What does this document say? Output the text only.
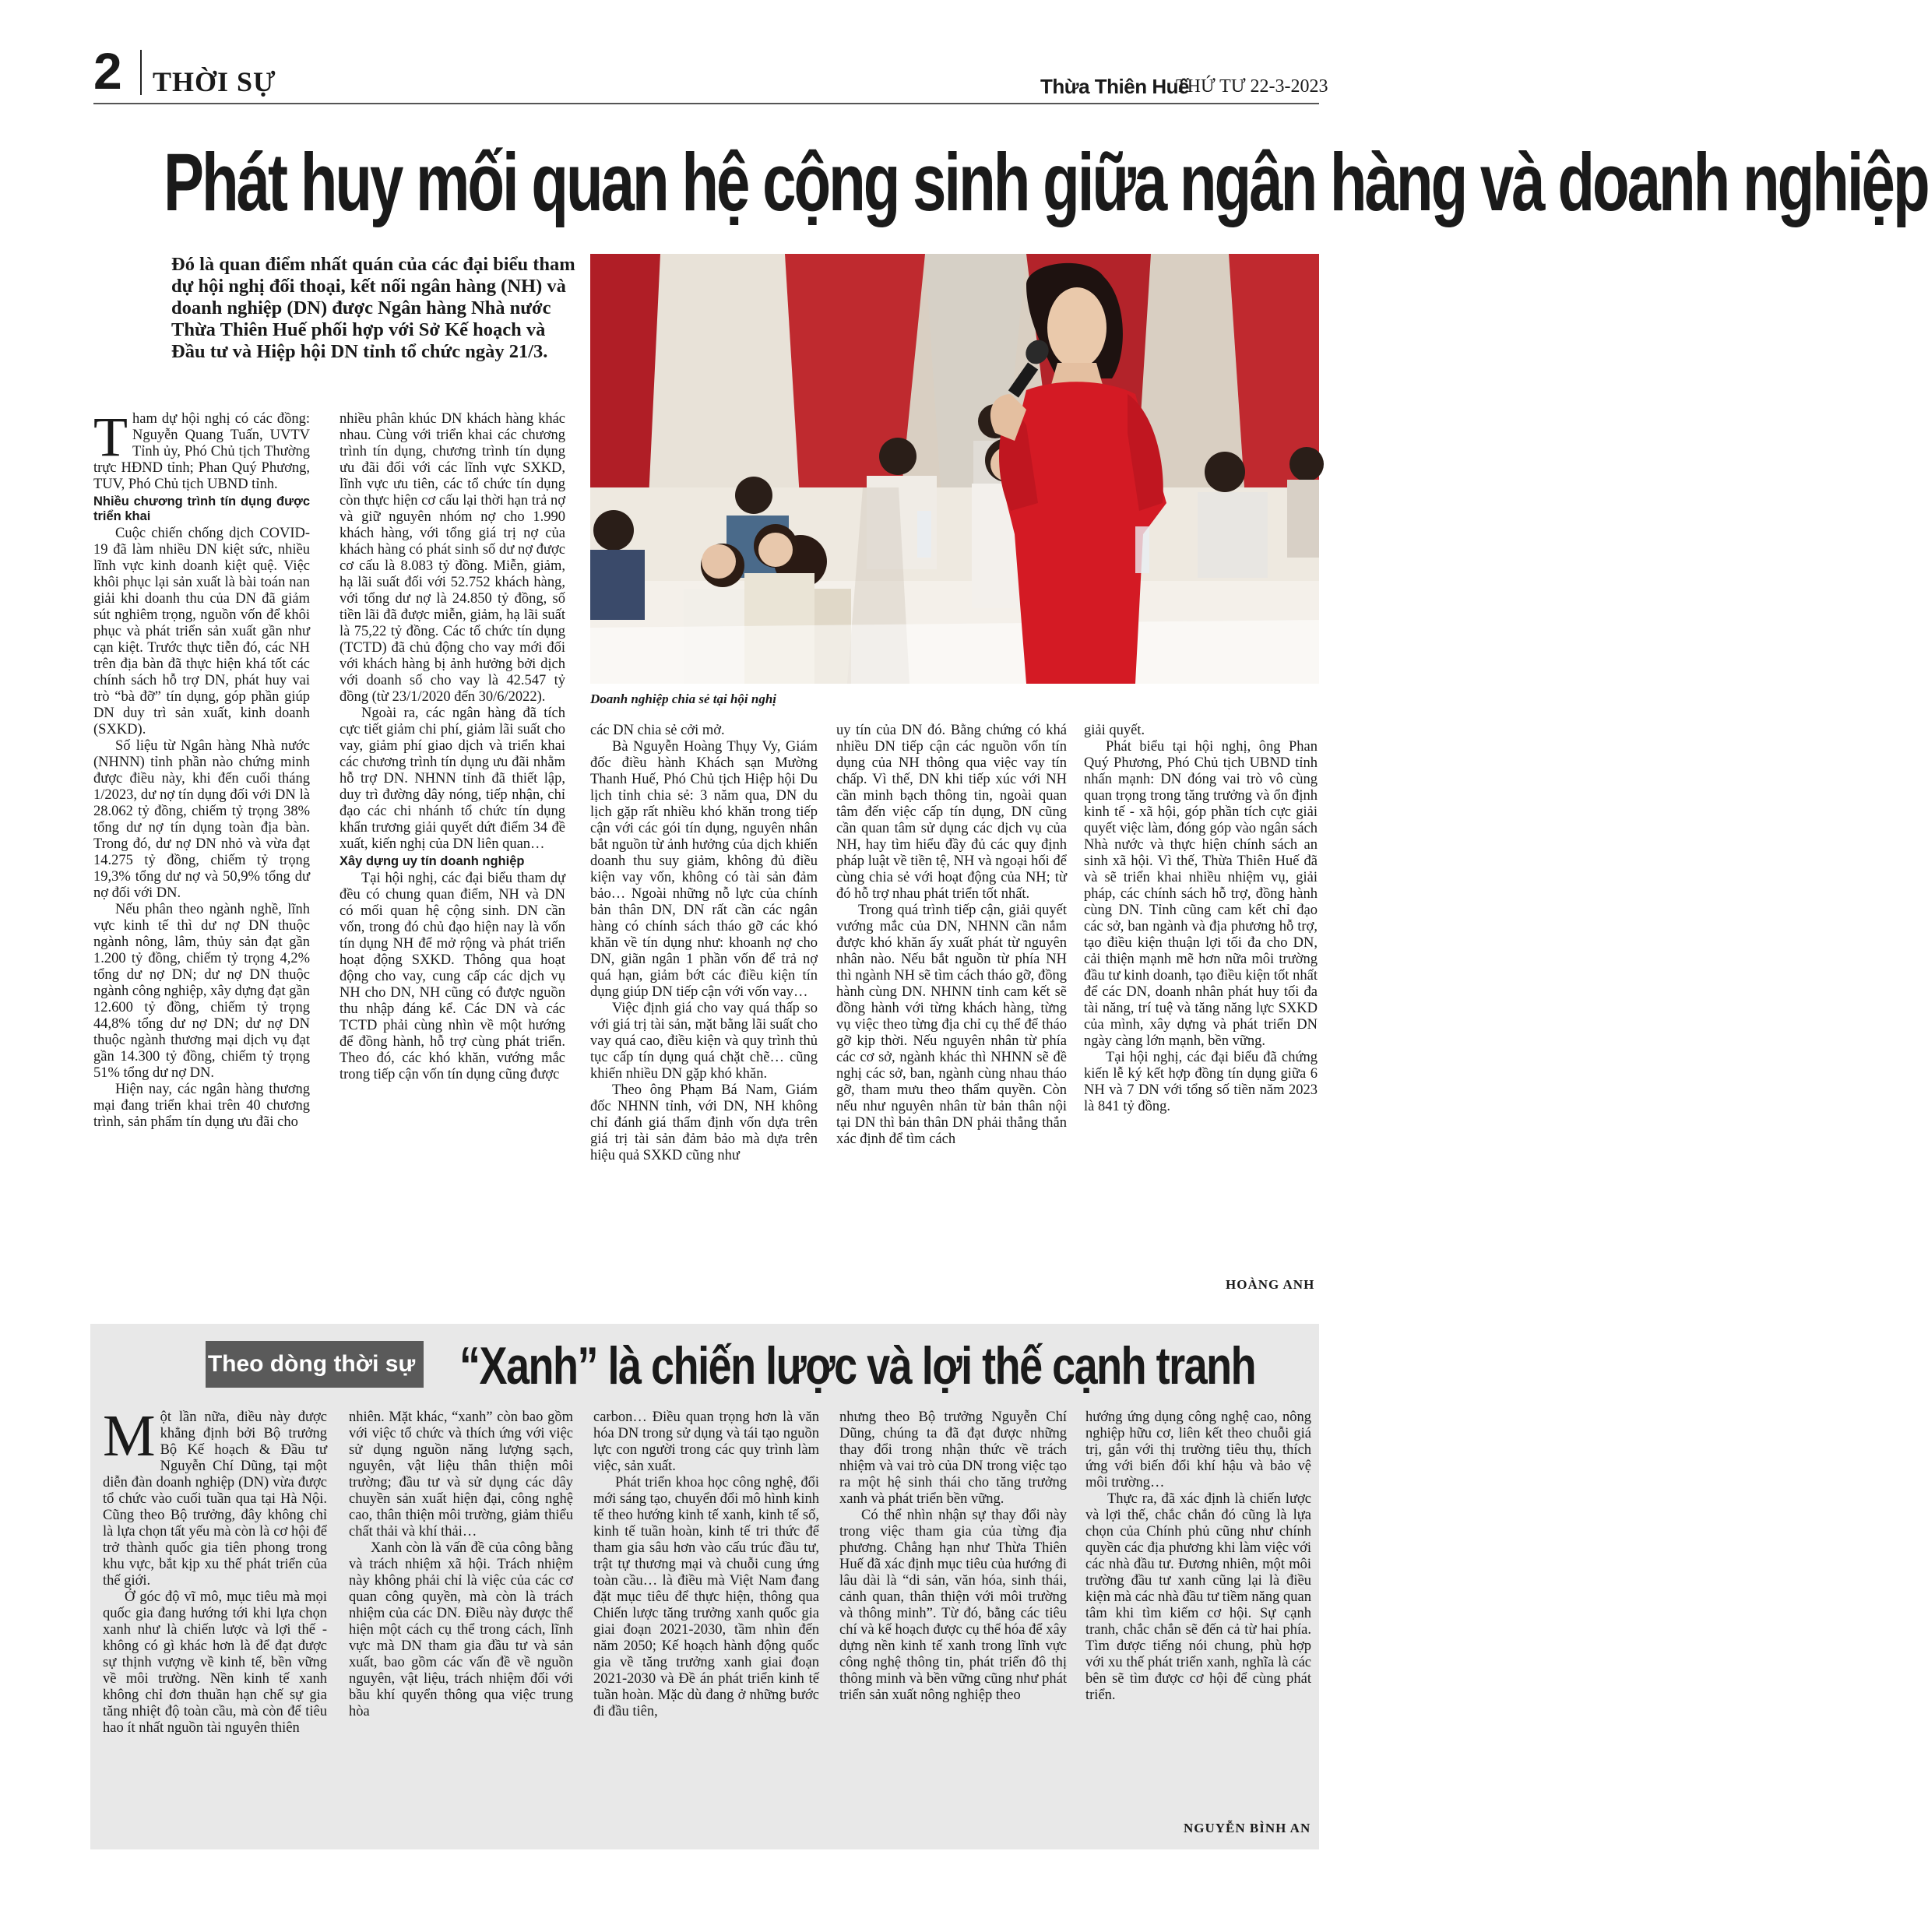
2 THỜI SỰ	Thừa Thiên Huế
THỨ TƯ 22-3-2023
Phát huy mối quan hệ cộng sinh giữa ngân hàng và doanh nghiệp
Đó là quan điểm nhất quán của các đại biểu tham dự hội nghị đối thoại, kết nối ngân hàng (NH) và doanh nghiệp (DN) được Ngân hàng Nhà nước Thừa Thiên Huế phối hợp với Sở Kế hoạch và Đầu tư và Hiệp hội DN tỉnh tổ chức ngày 21/3.
Doanh nghiệp chia sẻ tại hội nghị

Tham dự hội nghị có các đồng: Nguyễn Quang Tuấn, UVTV Tỉnh ủy, Phó Chủ tịch Thường trực HĐND tỉnh; Phan Quý Phương, TUV, Phó Chủ tịch UBND tỉnh.

Nhiều chương trình tín dụng được triển khai

Cuộc chiến chống dịch COVID-19 đã làm nhiều DN kiệt sức, nhiều lĩnh vực kinh doanh kiệt quệ. Việc khôi phục lại sản xuất là bài toán nan giải khi doanh thu của DN đã giảm sút nghiêm trọng, nguồn vốn để khôi phục và phát triển sản xuất gần như cạn kiệt. Trước thực tiễn đó, các NH trên địa bàn đã thực hiện khá tốt các chính sách hỗ trợ DN, phát huy vai trò “bà đỡ” tín dụng, góp phần giúp DN duy trì sản xuất, kinh doanh (SXKD).

Số liệu từ Ngân hàng Nhà nước (NHNN) tỉnh phần nào chứng minh được điều này, khi đến cuối tháng 1/2023, dư nợ tín dụng đối với DN là 28.062 tỷ đồng, chiếm tỷ trọng 38% tổng dư nợ tín dụng toàn địa bàn. Trong đó, dư nợ DN nhỏ và vừa đạt 14.275 tỷ đồng, chiếm tỷ trọng 19,3% tổng dư nợ và 50,9% tổng dư nợ đối với DN.

Nếu phân theo ngành nghề, lĩnh vực kinh tế thì dư nợ DN thuộc ngành nông, lâm, thủy sản đạt gần 1.200 tỷ đồng, chiếm tỷ trọng 4,2% tổng dư nợ DN; dư nợ DN thuộc ngành công nghiệp, xây dựng đạt gần 12.600 tỷ đồng, chiếm tỷ trọng 44,8% tổng dư nợ DN; dư nợ DN thuộc ngành thương mại dịch vụ đạt gần 14.300 tỷ đồng, chiếm tỷ trọng 51% tổng dư nợ DN.

Hiện nay, các ngân hàng thương mại đang triển khai trên 40 chương trình, sản phẩm tín dụng ưu đãi cho

nhiều phân khúc DN khách hàng khác nhau. Cùng với triển khai các chương trình tín dụng, chương trình tín dụng ưu đãi đối với các lĩnh vực SXKD, lĩnh vực ưu tiên, các tổ chức tín dụng còn thực hiện cơ cấu lại thời hạn trả nợ và giữ nguyên nhóm nợ cho 1.990 khách hàng, với tổng giá trị nợ của khách hàng có phát sinh số dư nợ được cơ cấu là 8.083 tỷ đồng. Miễn, giảm, hạ lãi suất đối với 52.752 khách hàng, với tổng dư nợ là 24.850 tỷ đồng, số tiền lãi đã được miễn, giảm, hạ lãi suất là 75,22 tỷ đồng. Các tổ chức tín dụng (TCTD) đã chủ động cho vay mới đối với khách hàng bị ảnh hưởng bởi dịch với doanh số cho vay là 42.547 tỷ đồng (từ 23/1/2020 đến 30/6/2022).

Ngoài ra, các ngân hàng đã tích cực tiết giảm chi phí, giảm lãi suất cho vay, giảm phí giao dịch và triển khai các chương trình tín dụng ưu đãi nhằm hỗ trợ DN. NHNN tỉnh đã thiết lập, duy trì đường dây nóng, tiếp nhận, chỉ đạo các chi nhánh tổ chức tín dụng khẩn trương giải quyết dứt điểm 34 đề xuất, kiến nghị của DN liên quan…

Xây dựng uy tín doanh nghiệp

Tại hội nghị, các đại biểu tham dự đều có chung quan điểm, NH và DN có mối quan hệ cộng sinh. DN cần vốn, trong đó chủ đạo hiện nay là vốn tín dụng NH để mở rộng và phát triển hoạt động SXKD. Thông qua hoạt động cho vay, cung cấp các dịch vụ NH cho DN, NH cũng có được nguồn thu nhập đáng kể. Các DN và các TCTD phải cùng nhìn về một hướng để đồng hành, hỗ trợ cùng phát triển. Theo đó, các khó khăn, vướng mắc trong tiếp cận vốn tín dụng cũng được

các DN chia sẻ cởi mở.

Bà Nguyễn Hoàng Thụy Vy, Giám đốc điều hành Khách sạn Mường Thanh Huế, Phó Chủ tịch Hiệp hội Du lịch tỉnh chia sẻ: 3 năm qua, DN du lịch gặp rất nhiều khó khăn trong tiếp cận với các gói tín dụng, nguyên nhân bắt nguồn từ ảnh hưởng của dịch khiến doanh thu suy giảm, không đủ điều kiện vay vốn, không có tài sản đảm bảo… Ngoài những nỗ lực của chính bản thân DN, DN rất cần các ngân hàng có chính sách tháo gỡ các khó khăn về tín dụng như: khoanh nợ cho DN, giãn ngân 1 phần vốn để trả nợ quá hạn, giảm bớt các điều kiện tín dụng giúp DN tiếp cận với vốn vay…

Việc định giá cho vay quá thấp so với giá trị tài sản, mặt bằng lãi suất cho vay quá cao, điều kiện và quy trình thủ tục cấp tín dụng quá chặt chẽ… cũng khiến nhiều DN gặp khó khăn.

Theo ông Phạm Bá Nam, Giám đốc NHNN tỉnh, với DN, NH không chỉ đánh giá thẩm định vốn dựa trên giá trị tài sản đảm bảo mà dựa trên hiệu quả SXKD cũng như

uy tín của DN đó. Bằng chứng có khá nhiều DN tiếp cận các nguồn vốn tín dụng của NH thông qua việc vay tín chấp. Vì thế, DN khi tiếp xúc với NH cần minh bạch thông tin, ngoài quan tâm đến việc cấp tín dụng, DN cũng cần quan tâm sử dụng các dịch vụ của NH, hay tìm hiểu đầy đủ các quy định pháp luật về tiền tệ, NH và ngoại hối để cùng chia sẻ với hoạt động của NH; từ đó hỗ trợ nhau phát triển tốt nhất.

Trong quá trình tiếp cận, giải quyết vướng mắc của DN, NHNN cần nắm được khó khăn ấy xuất phát từ nguyên nhân nào. Nếu bắt nguồn từ phía NH thì ngành NH sẽ tìm cách tháo gỡ, đồng hành cùng DN. NHNN tỉnh cam kết sẽ đồng hành với từng khách hàng, từng vụ việc theo từng địa chỉ cụ thể để tháo gỡ kịp thời. Nếu nguyên nhân từ phía các cơ sở, ngành khác thì NHNN sẽ đề nghị các sở, ban, ngành cùng nhau tháo gỡ, tham mưu theo thẩm quyền. Còn nếu như nguyên nhân từ bản thân nội tại DN thì bản thân DN phải thẳng thắn xác định để tìm cách

giải quyết.

Phát biểu tại hội nghị, ông Phan Quý Phương, Phó Chủ tịch UBND tỉnh nhấn mạnh: DN đóng vai trò vô cùng quan trọng trong tăng trưởng và ổn định kinh tế - xã hội, góp phần tích cực giải quyết việc làm, đóng góp vào ngân sách Nhà nước và thực hiện chính sách an sinh xã hội. Vì thế, Thừa Thiên Huế đã và sẽ triển khai nhiều nhiệm vụ, giải pháp, các chính sách hỗ trợ, đồng hành cùng DN. Tỉnh cũng cam kết chỉ đạo các sở, ban ngành và địa phương hỗ trợ, tạo điều kiện thuận lợi tối đa cho DN, cải thiện mạnh mẽ hơn nữa môi trường đầu tư kinh doanh, tạo điều kiện tốt nhất để các DN, doanh nhân phát huy tối đa tài năng, trí tuệ và tăng năng lực SXKD của mình, xây dựng và phát triển DN ngày càng lớn mạnh, bền vững.

Tại hội nghị, các đại biểu đã chứng kiến lễ ký kết hợp đồng tín dụng giữa 6 NH và 7 DN với tổng số tiền năm 2023 là 841 tỷ đồng.

HOÀNG ANH
Theo dòng thời sự “Xanh” là chiến lược và lợi thế cạnh tranh

Một lần nữa, điều này được khẳng định bởi Bộ trưởng Bộ Kế hoạch & Đầu tư Nguyễn Chí Dũng, tại một diễn đàn doanh nghiệp (DN) vừa được tổ chức vào cuối tuần qua tại Hà Nội. Cũng theo Bộ trưởng, đây không chỉ là lựa chọn tất yếu mà còn là cơ hội để trở thành quốc gia tiên phong trong khu vực, bắt kịp xu thế phát triển của thế giới.

Ở góc độ vĩ mô, mục tiêu mà mọi quốc gia đang hướng tới khi lựa chọn xanh như là chiến lược và lợi thế - không có gì khác hơn là để đạt được sự thịnh vượng về kinh tế, bền vững về môi trường. Nền kinh tế xanh không chỉ đơn thuần hạn chế sự gia tăng nhiệt độ toàn cầu, mà còn để tiêu hao ít nhất nguồn tài nguyên thiên

nhiên. Mặt khác, “xanh” còn bao gồm với việc tổ chức và thích ứng với việc sử dụng nguồn năng lượng sạch, nguyên, vật liệu thân thiện môi trường; đầu tư và sử dụng các dây chuyền sản xuất hiện đại, công nghệ cao, thân thiện môi trường, giảm thiểu chất thải và khí thải…

Xanh còn là vấn đề của công bằng và trách nhiệm xã hội. Trách nhiệm này không phải chỉ là việc của các cơ quan công quyền, mà còn là trách nhiệm của các DN. Điều này được thể hiện một cách cụ thể trong cách, lĩnh vực mà DN tham gia đầu tư và sản xuất, bao gồm các vấn đề về nguồn nguyên, vật liệu, trách nhiệm đối với bầu khí quyển thông qua việc trung hòa

carbon… Điều quan trọng hơn là văn hóa DN trong sử dụng và tái tạo nguồn lực con người trong các quy trình làm việc, sản xuất.

Phát triển khoa học công nghệ, đổi mới sáng tạo, chuyển đổi mô hình kinh tế theo hướng kinh tế xanh, kinh tế số, kinh tế tuần hoàn, kinh tế tri thức để tham gia sâu hơn vào cấu trúc đầu tư, trật tự thương mại và chuỗi cung ứng toàn cầu… là điều mà Việt Nam đang đặt mục tiêu để thực hiện, thông qua Chiến lược tăng trưởng xanh quốc gia giai đoạn 2021-2030, tầm nhìn đến năm 2050; Kế hoạch hành động quốc gia về tăng trưởng xanh giai đoạn 2021-2030 và Đề án phát triển kinh tế tuần hoàn. Mặc dù đang ở những bước đi đầu tiên,

nhưng theo Bộ trưởng Nguyễn Chí Dũng, chúng ta đã đạt được những thay đổi trong nhận thức về trách nhiệm và vai trò của DN trong việc tạo ra một hệ sinh thái cho tăng trưởng xanh và phát triển bền vững.

Có thể nhìn nhận sự thay đổi này trong việc tham gia của từng địa phương. Chẳng hạn như Thừa Thiên Huế đã xác định mục tiêu của hướng đi lâu dài là “di sản, văn hóa, sinh thái, cảnh quan, thân thiện với môi trường và thông minh”. Từ đó, bằng các tiêu chí và kế hoạch được cụ thể hóa để xây dựng nền kinh tế xanh trong lĩnh vực công nghệ thông tin, phát triển đô thị thông minh và bền vững cũng như phát triển sản xuất nông nghiệp theo

hướng ứng dụng công nghệ cao, nông nghiệp hữu cơ, liên kết theo chuỗi giá trị, gắn với thị trường tiêu thụ, thích ứng với biến đổi khí hậu và bảo vệ môi trường…

Thực ra, đã xác định là chiến lược và lợi thế, chắc chắn đó cũng là lựa chọn của Chính phủ cũng như chính quyền các địa phương khi làm việc với các nhà đầu tư. Đương nhiên, một môi trường đầu tư xanh cũng lại là điều kiện mà các nhà đầu tư tiềm năng quan tâm khi tìm kiếm cơ hội. Sự cạnh tranh, chắc chắn sẽ đến cả từ hai phía. Tìm được tiếng nói chung, phù hợp với xu thế phát triển xanh, nghĩa là các bên sẽ tìm được cơ hội để cùng phát triển.

NGUYỄN BÌNH AN
